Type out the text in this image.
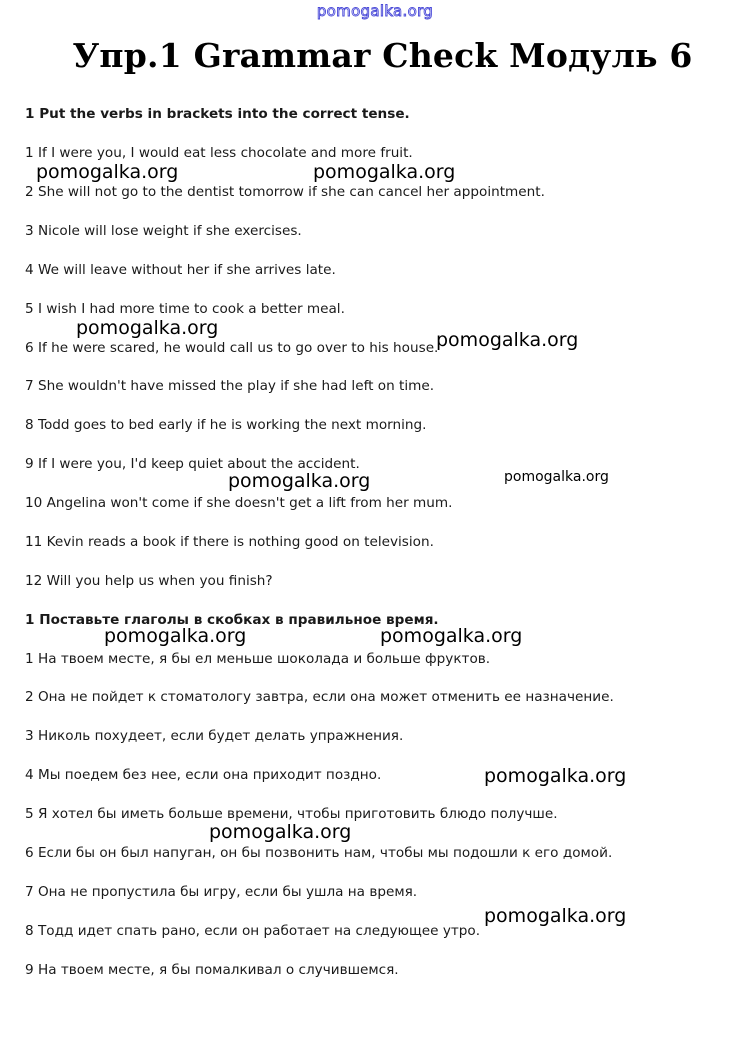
pomogalka.org
Упр.1 Grammar Check Модуль 6
1 Put the verbs in brackets into the correct tense.
1 If I were you, I would eat less chocolate and more fruit.
2 She will not go to the dentist tomorrow if she can cancel her appointment.
3 Nicole will lose weight if she exercises.
4 We will leave without her if she arrives late.
5 I wish I had more time to cook a better meal.
6 If he were scared, he would call us to go over to his house.
7 She wouldn't have missed the play if she had left on time.
8 Todd goes to bed early if he is working the next morning.
9 If I were you, I'd keep quiet about the accident.
10 Angelina won't come if she doesn't get a lift from her mum.
11 Kevin reads a book if there is nothing good on television.
12 Will you help us when you finish?
1 Поставьте глаголы в скобках в правильное время.
1 На твоем месте, я бы ел меньше шоколада и больше фруктов.
2 Она не пойдет к стоматологу завтра, если она может отменить ее назначение.
3 Николь похудеет, если будет делать упражнения.
4 Мы поедем без нее, если она приходит поздно.
5 Я хотел бы иметь больше времени, чтобы приготовить блюдо получше.
6 Если бы он был напуган, он бы позвонить нам, чтобы мы подошли к его домой.
7 Она не пропустила бы игру, если бы ушла на время.
8 Тодд идет спать рано, если он работает на следующее утро.
9 На твоем месте, я бы помалкивал о случившемся.
pomogalka.org	pomogalka.org
pomogalka.org
pomogalka.org
pomogalka.org	pomogalka.org
pomogalka.org	pomogalka.org
pomogalka.org
pomogalka.org
pomogalka.org
